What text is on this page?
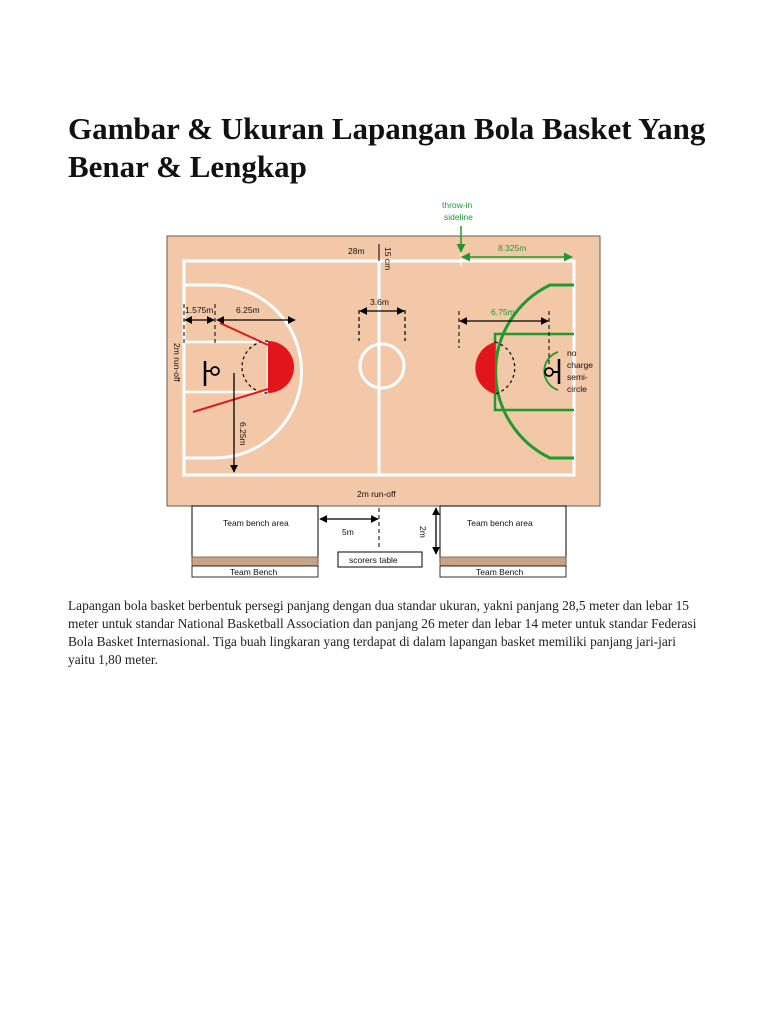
Gambar & Ukuran Lapangan Bola Basket Yang Benar & Lengkap
throw-in
sideline
8.325m
6.75m
28m 15 cm
1.575m	6.25m
3.6m
2m run-off
6.25m
no
charge
semi-
circle
2m run-off
Team bench area	Team bench area
5m	2m
scorers table
Team Bench	Team Bench

Lapangan bola basket berbentuk persegi panjang dengan dua standar ukuran, yakni panjang 28,5 meter dan lebar 15 meter untuk standar National Basketball Association dan panjang 26 meter dan lebar 14 meter untuk standar Federasi Bola Basket Internasional. Tiga buah lingkaran yang terdapat di dalam lapangan basket memiliki panjang jari-jari yaitu 1,80 meter.
